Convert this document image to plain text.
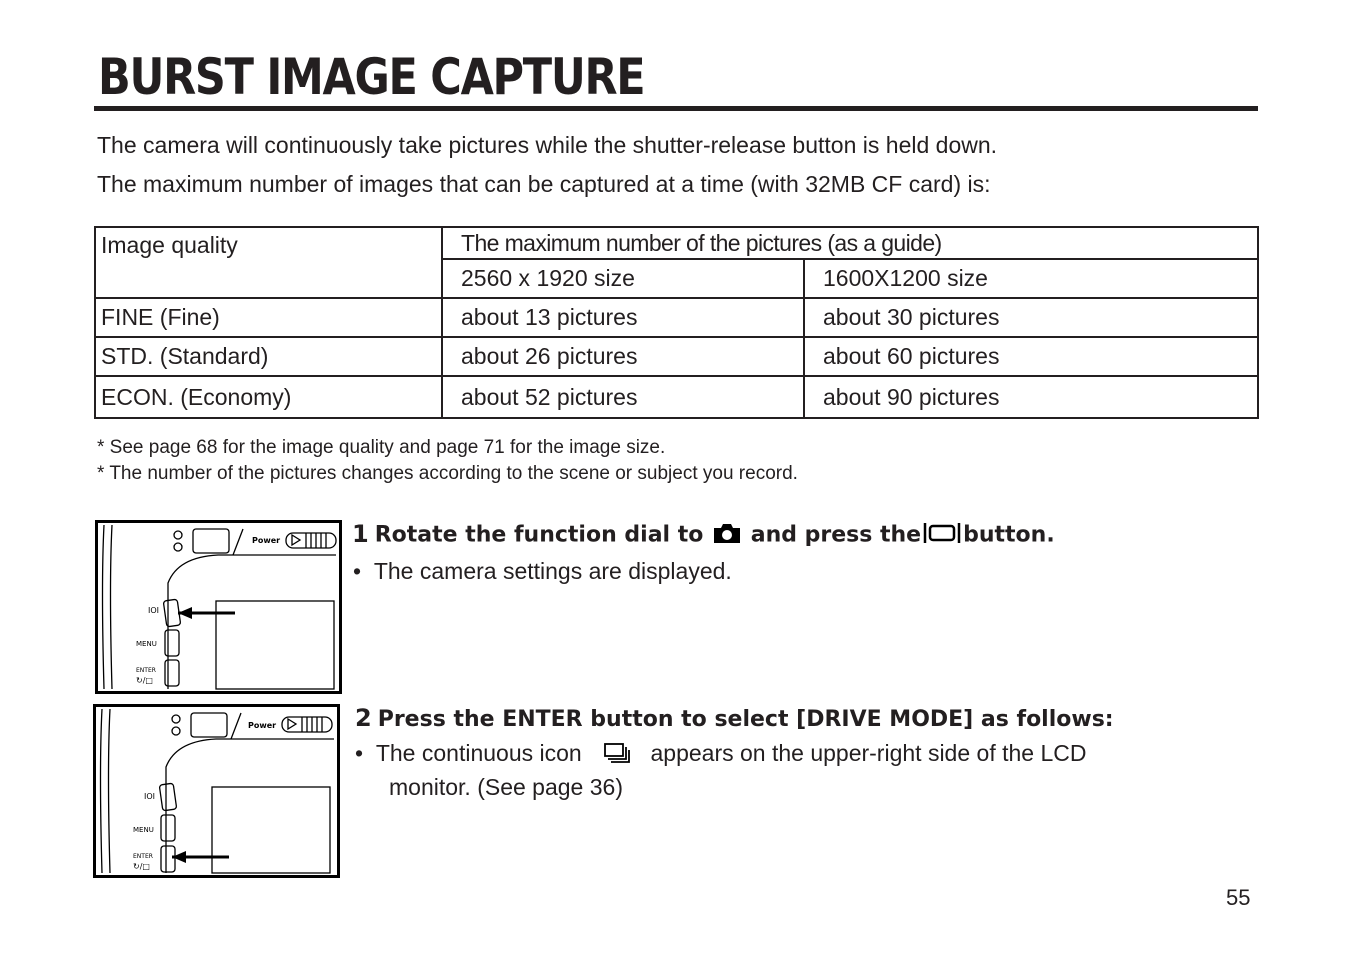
BURST IMAGE CAPTURE
The camera will continuously take pictures while the shutter-release button is held down.
The maximum number of images that can be captured at a time (with 32MB CF card) is:
Image quality	The maximum number of the pictures (as a guide)	
	2560 x 1920 size	1600X1200 size
FINE (Fine)	about 13 pictures	about 30 pictures
STD. (Standard)	about 26 pictures	about 60 pictures
ECON. (Economy)	about 52 pictures	about 90 pictures
* See page 68 for the image quality and page 71 for the image size.
* The number of the pictures changes according to the scene or subject you record.
Power
IOI
MENU
ENTER
↻/□
1 Rotate the function dial to and press the button.
•  The camera settings are displayed.
Power
IOI
MENU
ENTER
↻/□
2 Press the ENTER button to select [DRIVE MODE] as follows:
•  The continuous icon	appears on the upper-right side of the LCD
monitor. (See page 36)
55
